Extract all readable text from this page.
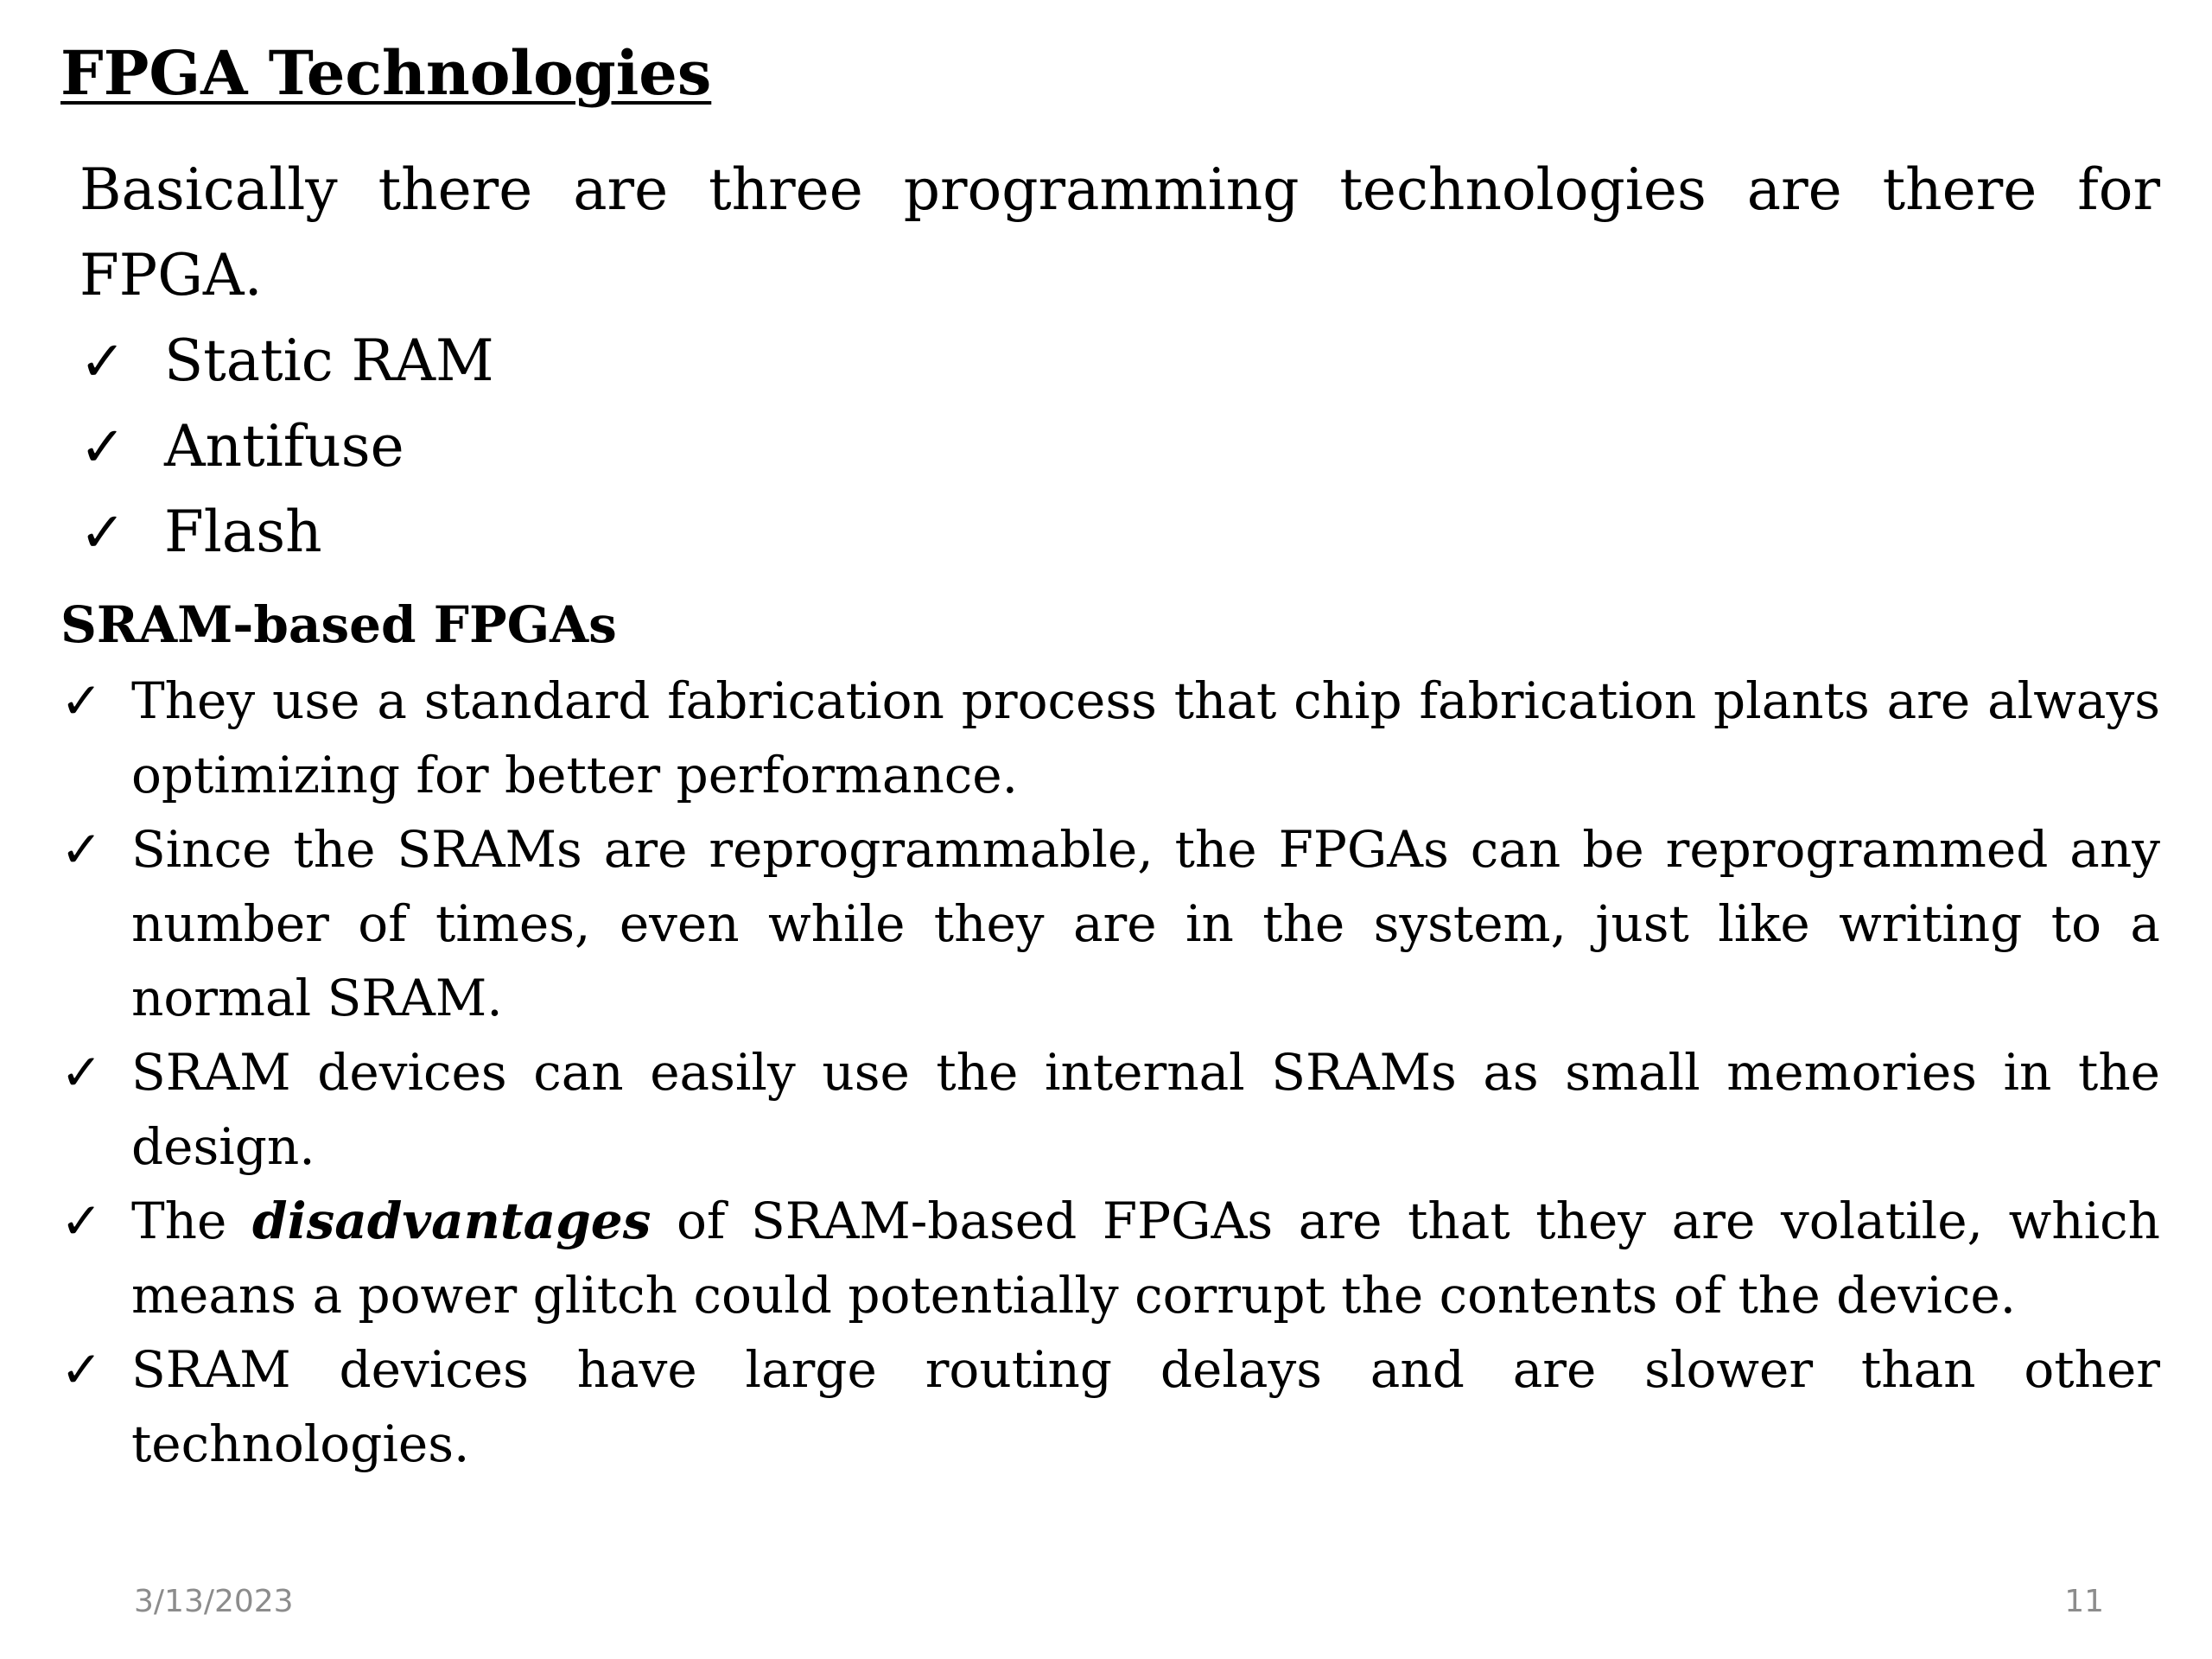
FPGA Technologies

Basically there are three programming technologies are there for FPGA.

✓ Static RAM
✓ Antifuse
✓ Flash
SRAM-based FPGAs
✓ They use a standard fabrication process that chip fabrication plants are always optimizing for better performance.
✓ Since the SRAMs are reprogrammable, the FPGAs can be reprogrammed any number of times, even while they are in the system, just like writing to a normal SRAM.
✓ SRAM devices can easily use the internal SRAMs as small memories in the design.
✓ The disadvantages of SRAM-based FPGAs are that they are volatile, which means a power glitch could potentially corrupt the contents of the device.
✓ SRAM devices have large routing delays and are slower than other technologies.
3/13/2023	11
